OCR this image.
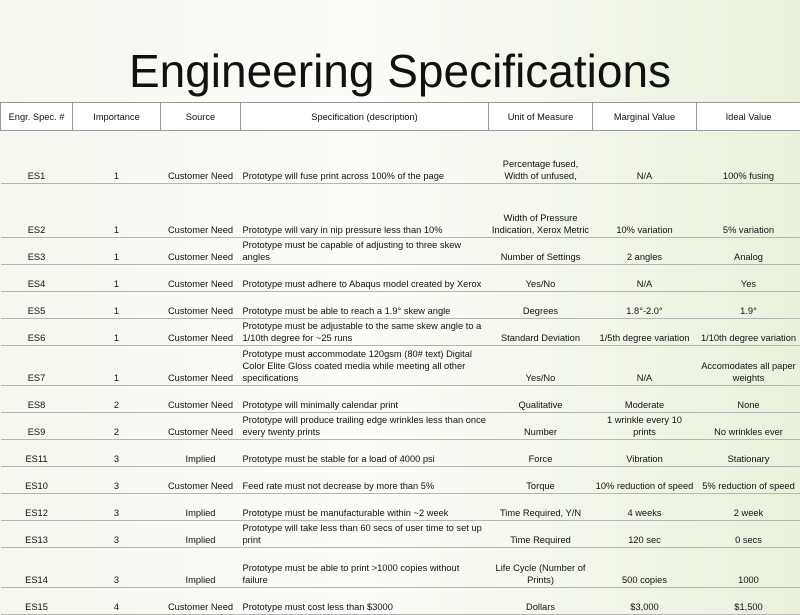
Engineering Specifications
Engr. Spec. #	Importance	Source	Specification (description)	Unit of Measure	Marginal Value	Ideal Value
ES1	1	Customer Need	Prototype will fuse print across 100% of the page	Percentage fused, Width of unfused,	N/A	100% fusing
ES2	1	Customer Need	Prototype will vary in nip pressure less than 10%	Width of Pressure Indication, Xerox Metric	10% variation	5% variation
ES3	1	Customer Need	Prototype must be capable of adjusting to three skew angles	Number of Settings	2 angles	Analog
ES4	1	Customer Need	Prototype must adhere to Abaqus model created by Xerox	Yes/No	N/A	Yes
ES5	1	Customer Need	Prototype must be able to reach a 1.9° skew angle	Degrees	1.8°-2.0°	1.9°
ES6	1	Customer Need	Prototype must be adjustable to the same skew angle to a 1/10th degree for ~25 runs	Standard Deviation	1/5th degree variation	1/10th degree variation
ES7	1	Customer Need	Prototype must accommodate 120gsm (80# text) Digital Color Elite Gloss coated media while meeting all other specifications	Yes/No	N/A	Accomodates all paper weights
ES8	2	Customer Need	Prototype will minimally calendar print	Qualitative	Moderate	None
ES9	2	Customer Need	Prototype will produce trailing edge wrinkles less than once every twenty prints	Number	1 wrinkle every 10 prints	No wrinkles ever
ES11	3	Implied	Prototype must be stable for a load of 4000 psi	Force	Vibration	Stationary
ES10	3	Customer Need	Feed rate must not decrease by more than 5%	Torque	10% reduction of speed	5% reduction of speed
ES12	3	Implied	Prototype must be manufacturable within ~2 week	Time Required, Y/N	4 weeks	2 week
ES13	3	Implied	Prototype will take less than 60 secs of user time to set up print	Time Required	120 sec	0 secs
ES14	3	Implied	Prototype must be able to print >1000 copies without failure	Life Cycle (Number of Prints)	500 copies	1000
ES15	4	Customer Need	Prototype must cost less than $3000	Dollars	$3,000	$1,500
